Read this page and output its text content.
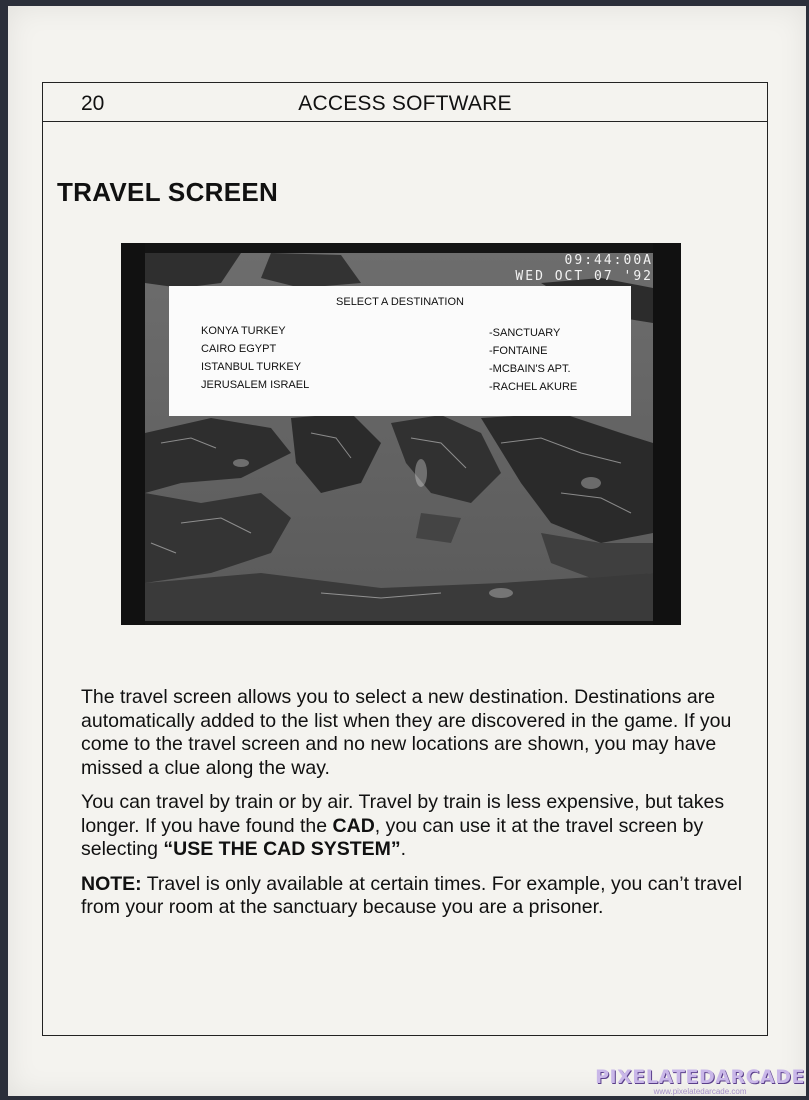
20	ACCESS SOFTWARE
TRAVEL SCREEN
09:44:00A
WED OCT 07 '92
SELECT A DESTINATION
KONYA TURKEY
CAIRO EGYPT
ISTANBUL TURKEY
JERUSALEM ISRAEL
-SANCTUARY
-FONTAINE
-MCBAIN'S APT.
-RACHEL AKURE

The travel screen allows you to select a new destination. Destinations are automatically added to the list when they are discovered in the game. If you come to the travel screen and no new locations are shown, you may have missed a clue along the way.

You can travel by train or by air. Travel by train is less expensive, but takes longer. If you have found the CAD, you can use it at the travel screen by selecting “USE THE CAD SYSTEM”.

NOTE: Travel is only available at certain times. For example, you can’t travel from your room at the sanctuary because you are a prisoner.

PIXELATEDARCADE
www.pixelatedarcade.com
